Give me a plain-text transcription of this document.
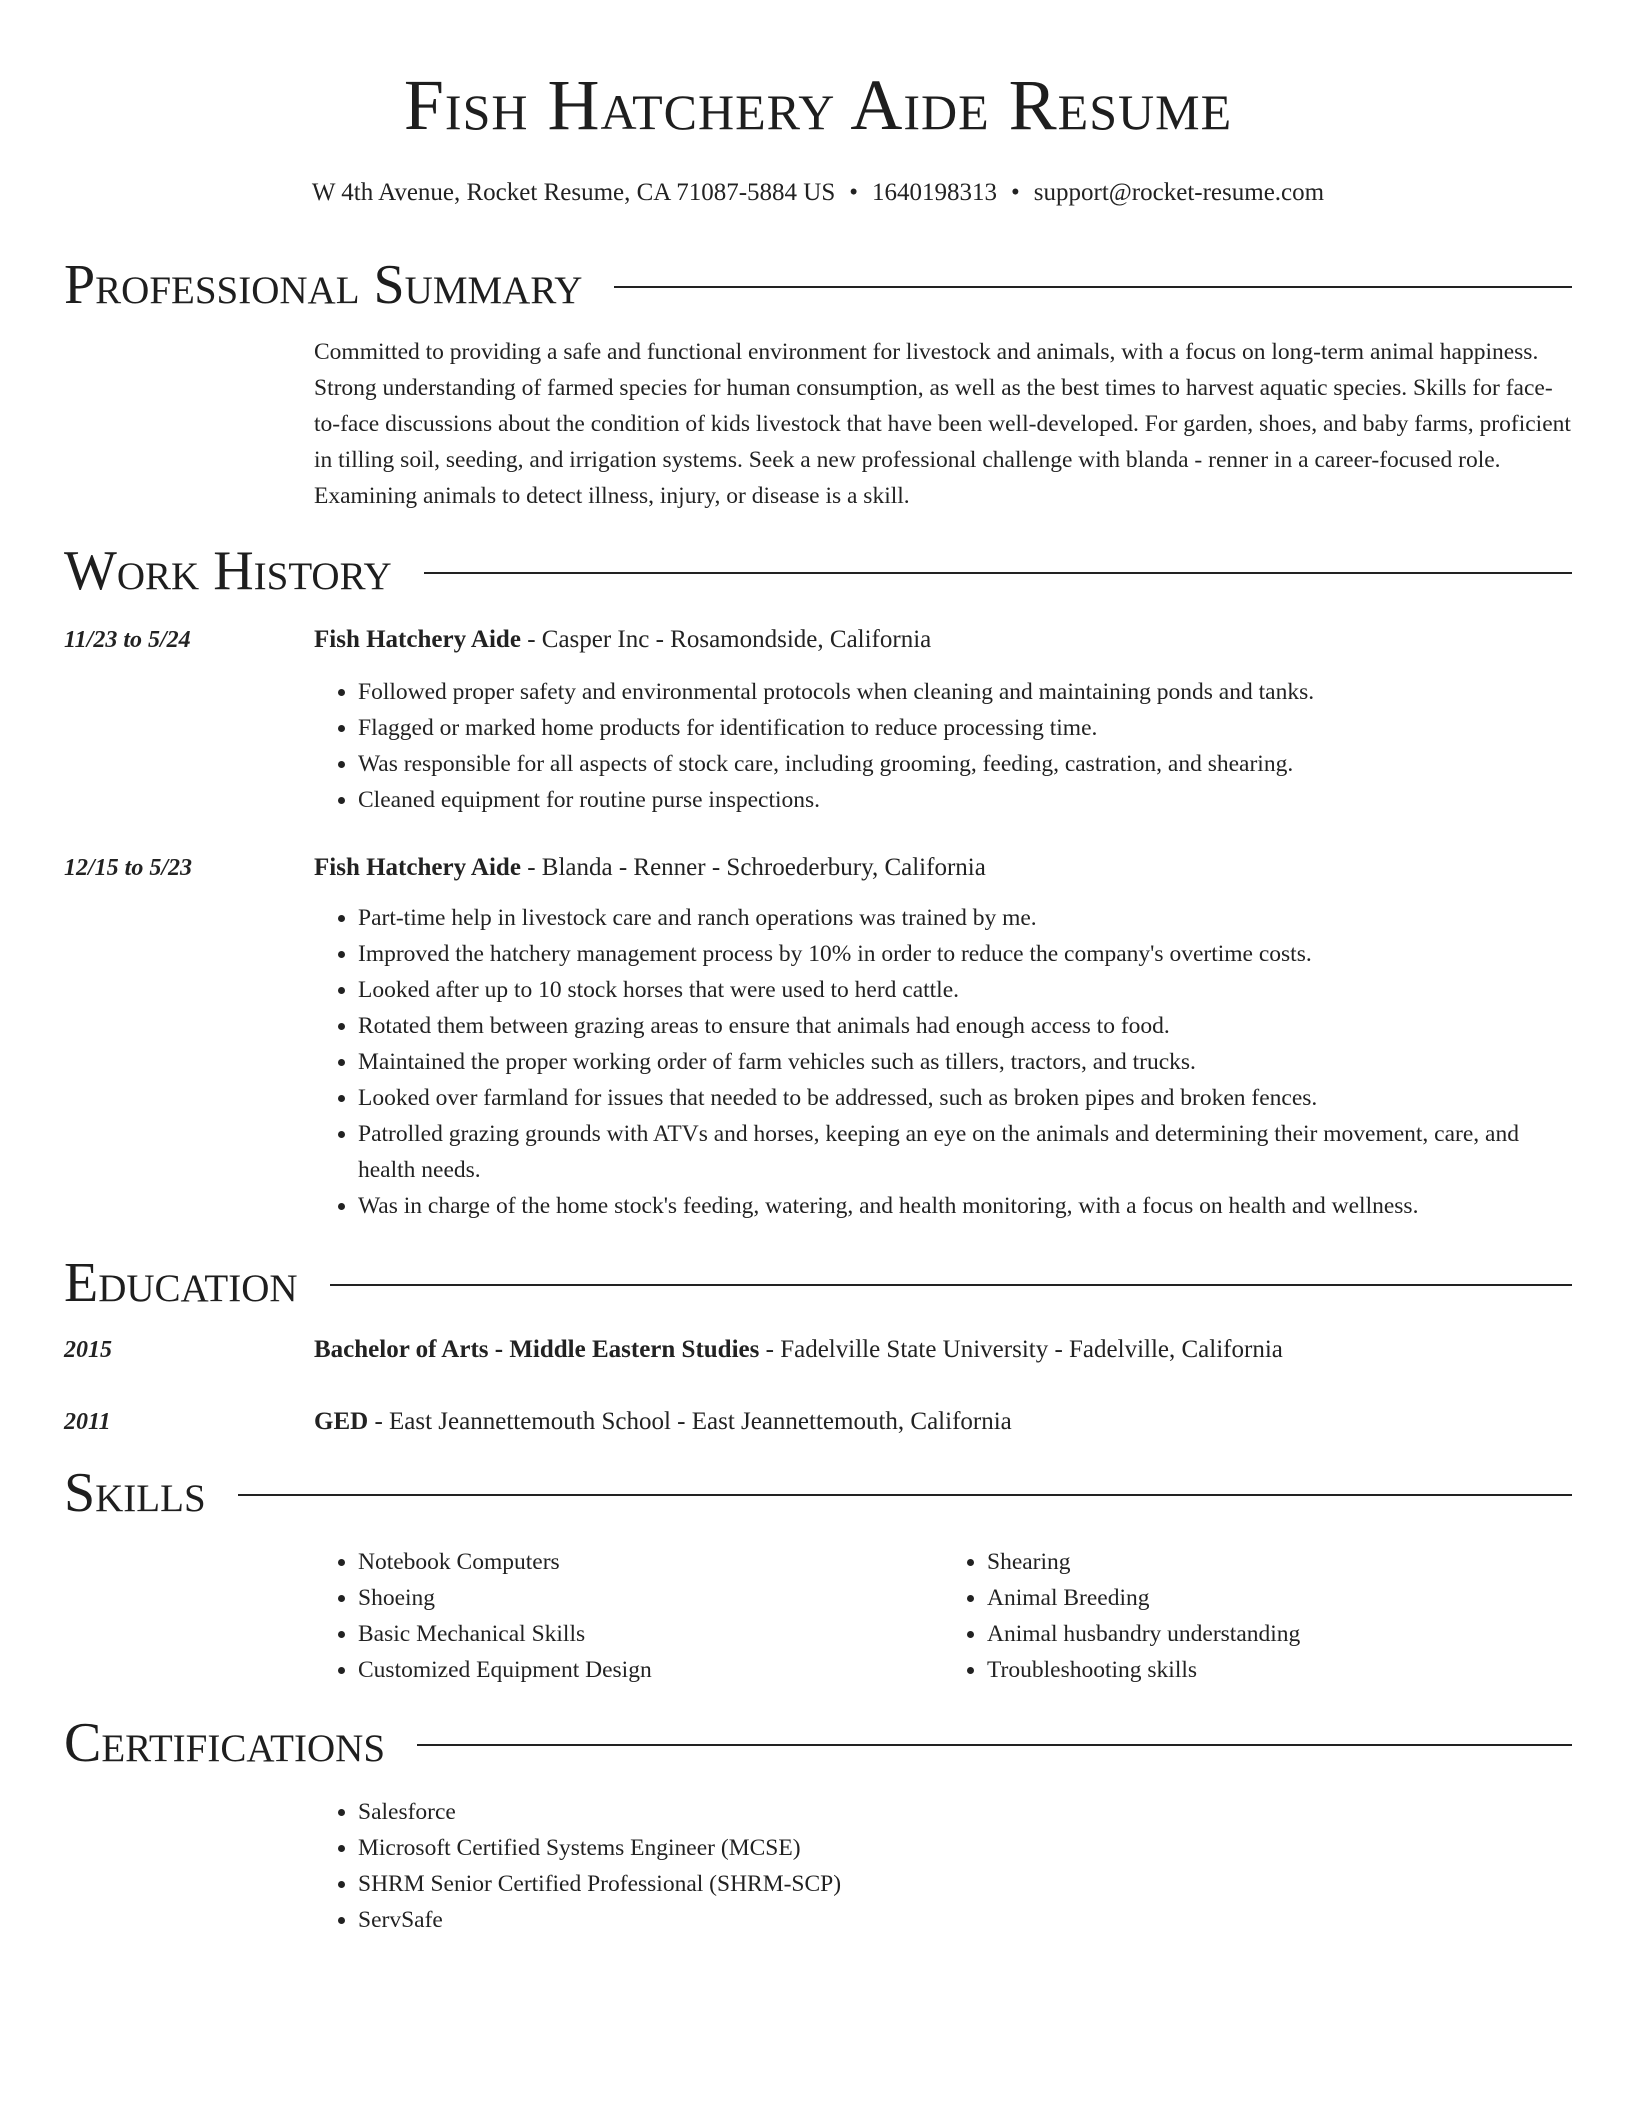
Fish Hatchery Aide Resume
W 4th Avenue, Rocket Resume, CA 71087-5884 US • 1640198313 • support@rocket-resume.com
Professional Summary
Committed to providing a safe and functional environment for livestock and animals, with a focus on long-term animal happiness. Strong understanding of farmed species for human consumption, as well as the best times to harvest aquatic species. Skills for face-to-face discussions about the condition of kids livestock that have been well-developed. For garden, shoes, and baby farms, proficient in tilling soil, seeding, and irrigation systems. Seek a new professional challenge with blanda - renner in a career-focused role. Examining animals to detect illness, injury, or disease is a skill.
Work History
11/23 to 5/24	Fish Hatchery Aide - Casper Inc - Rosamondside, California
• Followed proper safety and environmental protocols when cleaning and maintaining ponds and tanks.
• Flagged or marked home products for identification to reduce processing time.
• Was responsible for all aspects of stock care, including grooming, feeding, castration, and shearing.
• Cleaned equipment for routine purse inspections.
12/15 to 5/23	Fish Hatchery Aide - Blanda - Renner - Schroederbury, California
• Part-time help in livestock care and ranch operations was trained by me.
• Improved the hatchery management process by 10% in order to reduce the company's overtime costs.
• Looked after up to 10 stock horses that were used to herd cattle.
• Rotated them between grazing areas to ensure that animals had enough access to food.
• Maintained the proper working order of farm vehicles such as tillers, tractors, and trucks.
• Looked over farmland for issues that needed to be addressed, such as broken pipes and broken fences.
• Patrolled grazing grounds with ATVs and horses, keeping an eye on the animals and determining their movement, care, and health needs.
• Was in charge of the home stock's feeding, watering, and health monitoring, with a focus on health and wellness.
Education
2015	Bachelor of Arts - Middle Eastern Studies - Fadelville State University - Fadelville, California
2011	GED - East Jeannettemouth School - East Jeannettemouth, California
Skills
• Notebook Computers
• Shoeing
• Basic Mechanical Skills
• Customized Equipment Design
• Shearing
• Animal Breeding
• Animal husbandry understanding
• Troubleshooting skills
Certifications
• Salesforce
• Microsoft Certified Systems Engineer (MCSE)
• SHRM Senior Certified Professional (SHRM-SCP)
• ServSafe
